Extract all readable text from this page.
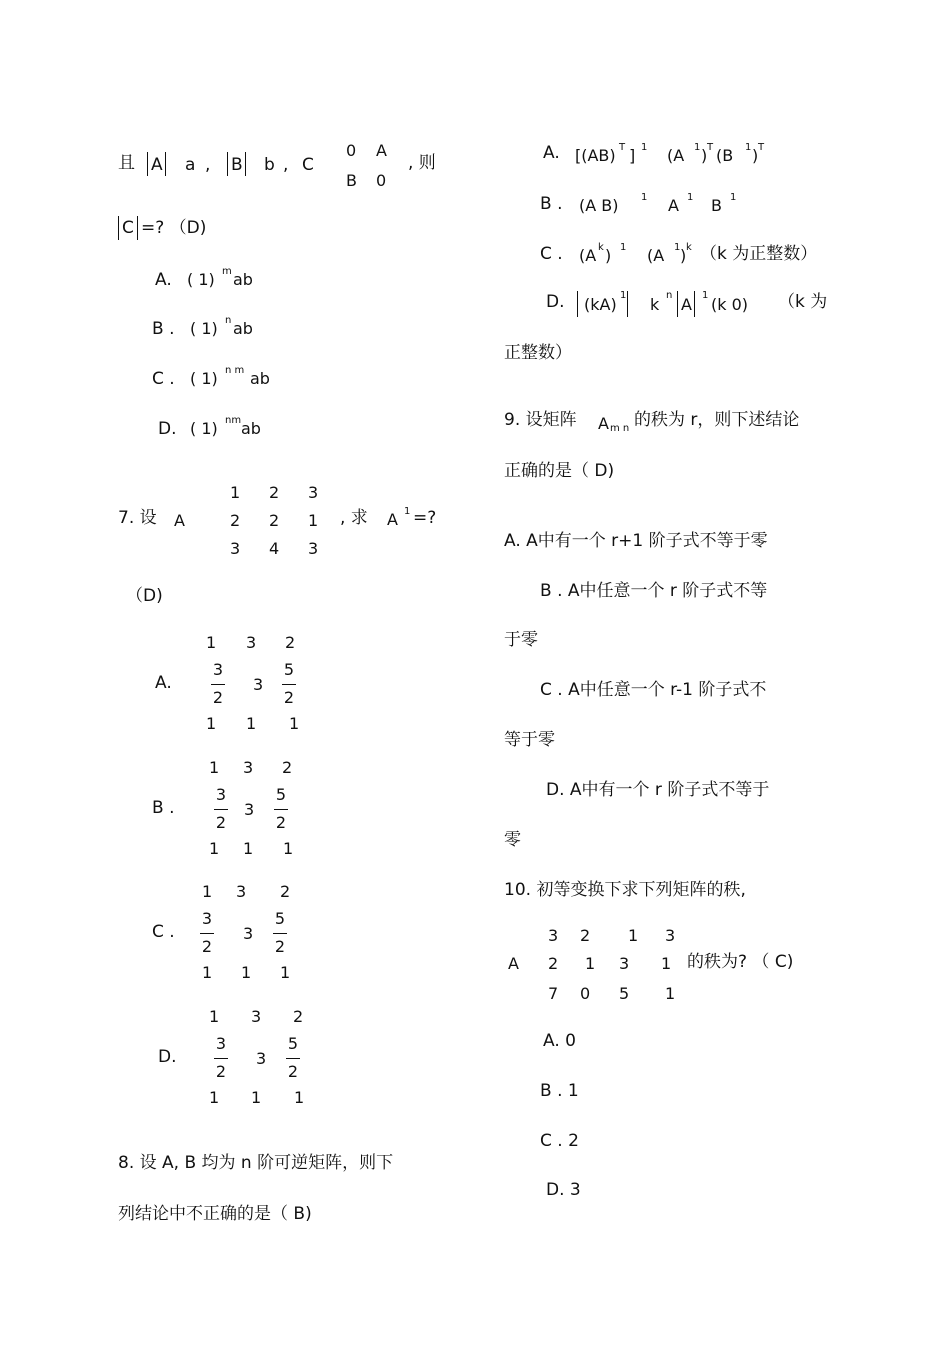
且 A a , B b , C
0 A
B 0
, 则
C =? （D)
A. ( 1) m ab
B . ( 1) n ab
C . ( 1) n m ab
D. ( 1) nm ab
7. 设 A
1 2 3
2 2 1
3 4 3
, 求 A 1 =?
（D)
A.
1 3 2
3
2
3
5
2
1 1 1
B .
1 3 2
3
2
3
5
2
1 1 1
C .
1 3 2
3
2
3
5
2
1 1 1
D.
1 3 2
3
2
3
5
2
1 1 1
8. 设 A, B 均为 n 阶可逆矩阵，则下
列结论中不正确的是（ B)
A. [(AB) T ] 1 (A 1 ) T (B 1 ) T
B . (A B) 1 A 1 B 1
C . (A k ) 1 (A 1 ) k （k 为正整数）
D. (kA) 1 k n A 1 (k 0) （k 为
正整数）
9. 设矩阵 A m n 的秩为 r，则下述结论
正确的是（ D)
A. A中有一个 r+1 阶子式不等于零
B . A中任意一个 r 阶子式不等
于零
C . A中任意一个 r-1 阶子式不
等于零
D. A中有一个 r 阶子式不等于
零
10. 初等变换下求下列矩阵的秩,
A
3 2 1 3
2 1 3 1
7 0 5 1
的秩为? （ C)
A. 0
B . 1
C . 2
D. 3
